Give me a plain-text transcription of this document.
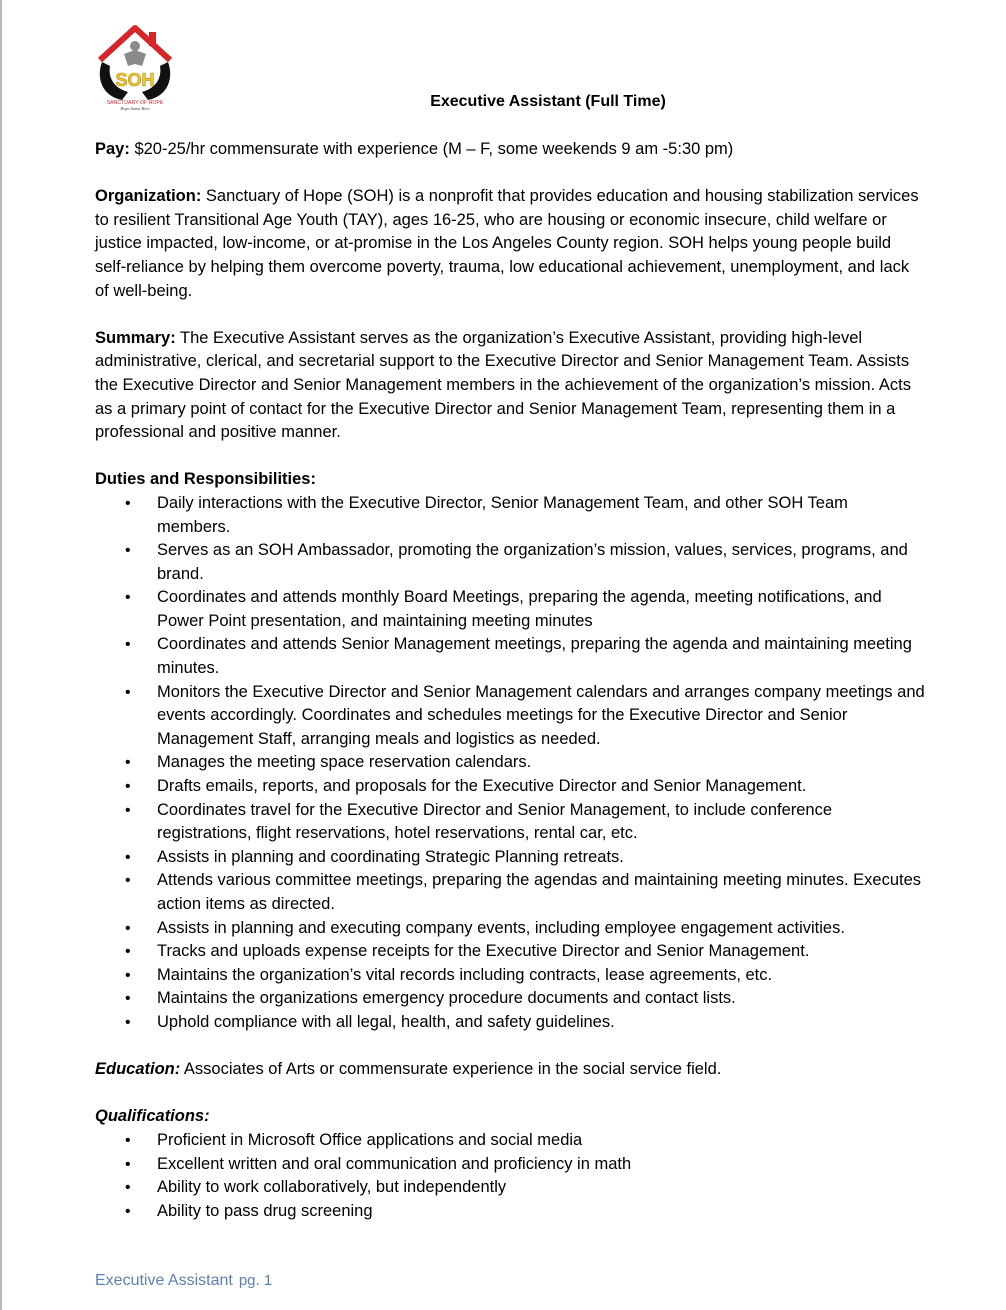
SOH
SANCTUARY OF HOPE
Hope Starts Here	Executive Assistant (Full Time)

Pay: $20-25/hr commensurate with experience (M – F, some weekends 9 am -5:30 pm)

Organization: Sanctuary of Hope (SOH) is a nonprofit that provides education and housing stabilization services to resilient Transitional Age Youth (TAY), ages 16-25, who are housing or economic insecure, child welfare or justice impacted, low-income, or at-promise in the Los Angeles County region. SOH helps young people build self-reliance by helping them overcome poverty, trauma, low educational achievement, unemployment, and lack of well-being.

Summary: The Executive Assistant serves as the organization’s Executive Assistant, providing high-level administrative, clerical, and secretarial support to the Executive Director and Senior Management Team. Assists the Executive Director and Senior Management members in the achievement of the organization’s mission. Acts as a primary point of contact for the Executive Director and Senior Management Team, representing them in a professional and positive manner.

Duties and Responsibilities:

• Daily interactions with the Executive Director, Senior Management Team, and other SOH Team members.
• Serves as an SOH Ambassador, promoting the organization’s mission, values, services, programs, and brand.
• Coordinates and attends monthly Board Meetings, preparing the agenda, meeting notifications, and Power Point presentation, and maintaining meeting minutes
• Coordinates and attends Senior Management meetings, preparing the agenda and maintaining meeting minutes.
• Monitors the Executive Director and Senior Management calendars and arranges company meetings and events accordingly. Coordinates and schedules meetings for the Executive Director and Senior Management Staff, arranging meals and logistics as needed.
• Manages the meeting space reservation calendars.
• Drafts emails, reports, and proposals for the Executive Director and Senior Management.
• Coordinates travel for the Executive Director and Senior Management, to include conference registrations, flight reservations, hotel reservations, rental car, etc.
• Assists in planning and coordinating Strategic Planning retreats.
• Attends various committee meetings, preparing the agendas and maintaining meeting minutes. Executes action items as directed.
• Assists in planning and executing company events, including employee engagement activities.
• Tracks and uploads expense receipts for the Executive Director and Senior Management.
• Maintains the organization’s vital records including contracts, lease agreements, etc.
• Maintains the organizations emergency procedure documents and contact lists.
• Uphold compliance with all legal, health, and safety guidelines.

Education: Associates of Arts or commensurate experience in the social service field.

Qualifications:

• Proficient in Microsoft Office applications and social media
• Excellent written and oral communication and proficiency in math
• Ability to work collaboratively, but independently
• Ability to pass drug screening
Executive Assistant pg. 1
